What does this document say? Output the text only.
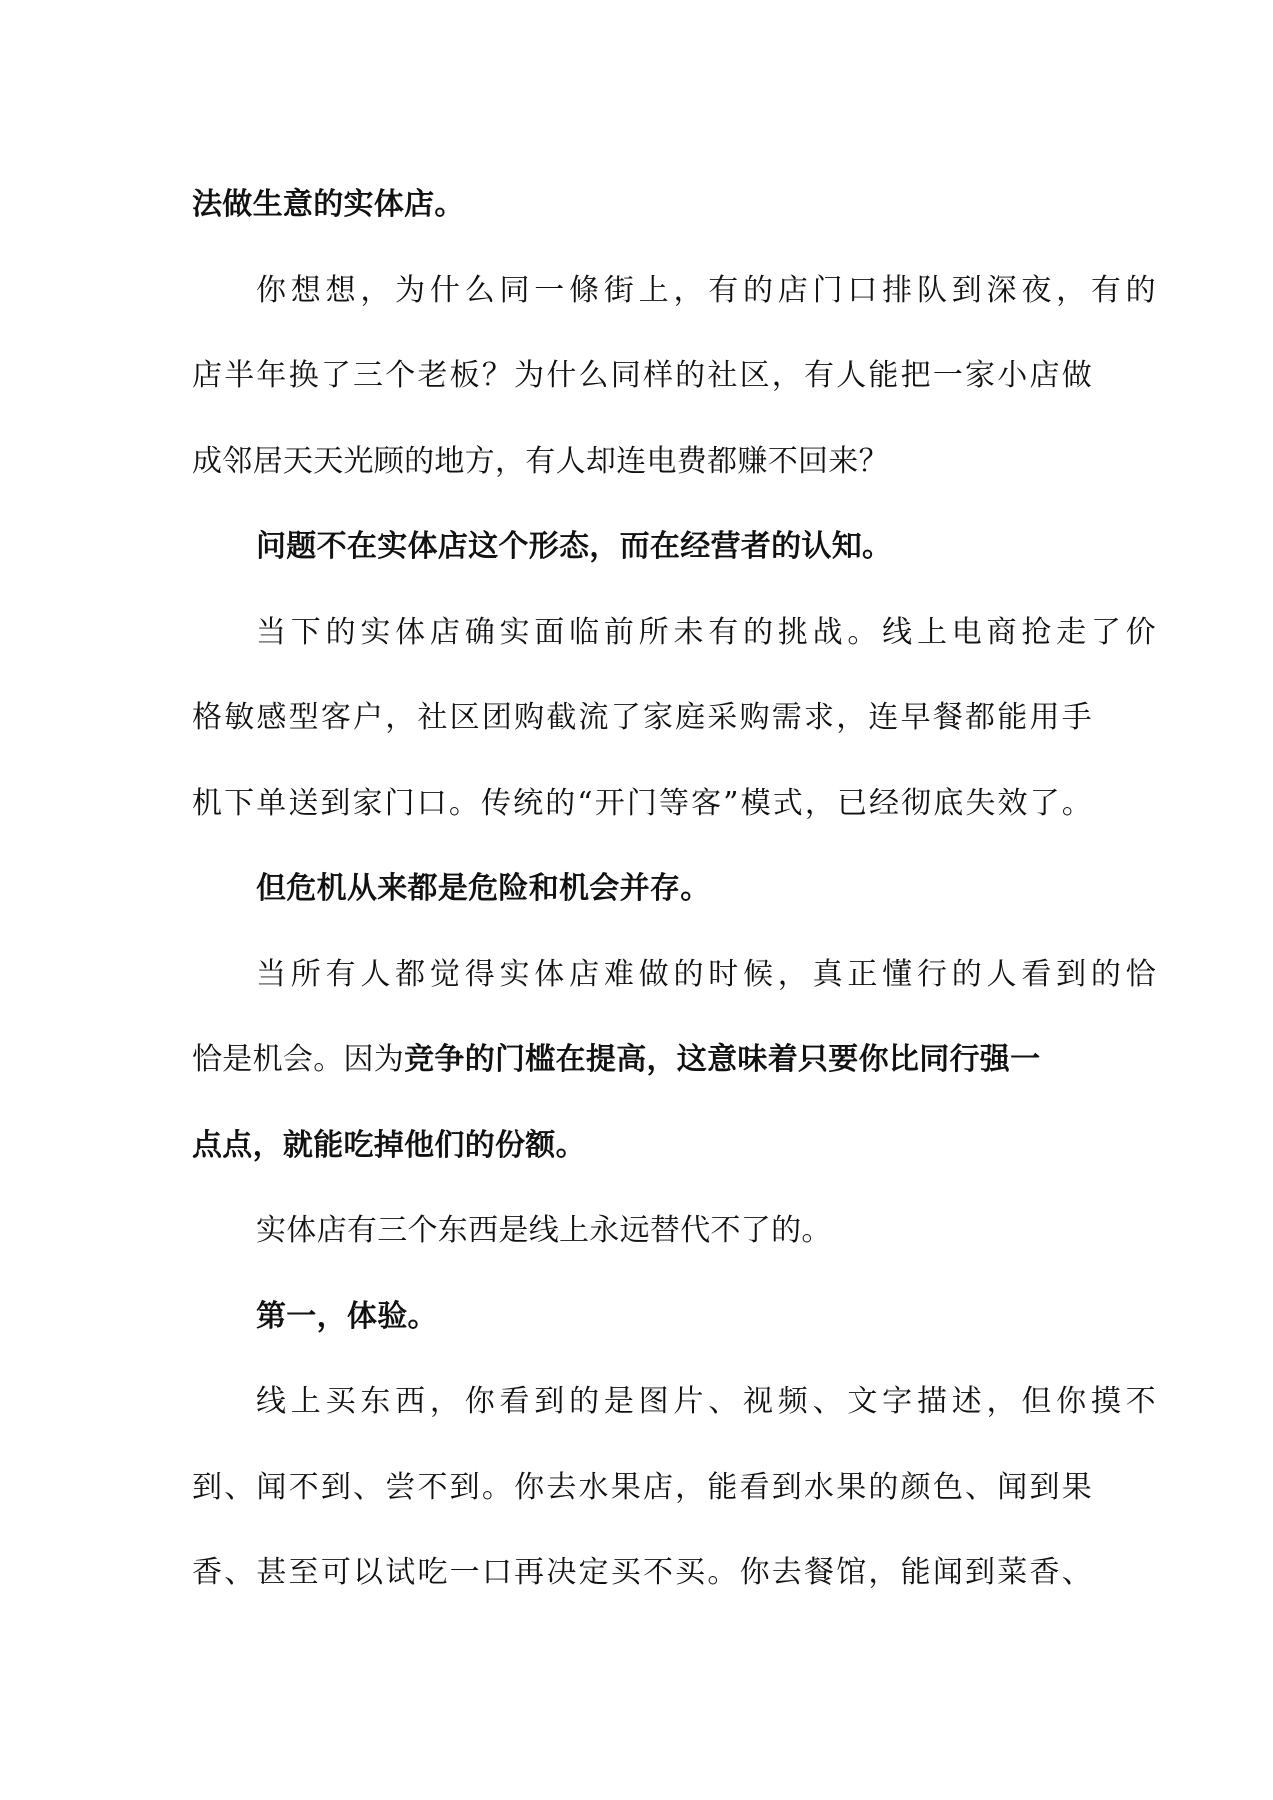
法做生意的实体店。

你想想，为什么同一條街上，有的店门口排队到深夜，有的

店半年换了三个老板？为什么同样的社区，有人能把一家小店做

成邻居天天光顾的地方，有人却连电费都赚不回来？

问题不在实体店这个形态，而在经营者的认知。

当下的实体店确实面临前所未有的挑战。线上电商抢走了价

格敏感型客户，社区团购截流了家庭采购需求，连早餐都能用手

机下单送到家门口。传统的“开门等客”模式，已经彻底失效了。

但危机从来都是危险和机会并存。

当所有人都觉得实体店难做的时候，真正懂行的人看到的恰

恰是机会。因为竞争的门槛在提高，这意味着只要你比同行强一

点点，就能吃掉他们的份额。

实体店有三个东西是线上永远替代不了的。

第一，体验。

线上买东西，你看到的是图片、视频、文字描述，但你摸不

到、闻不到、尝不到。你去水果店，能看到水果的颜色、闻到果

香、甚至可以试吃一口再决定买不买。你去餐馆，能闻到菜香、
